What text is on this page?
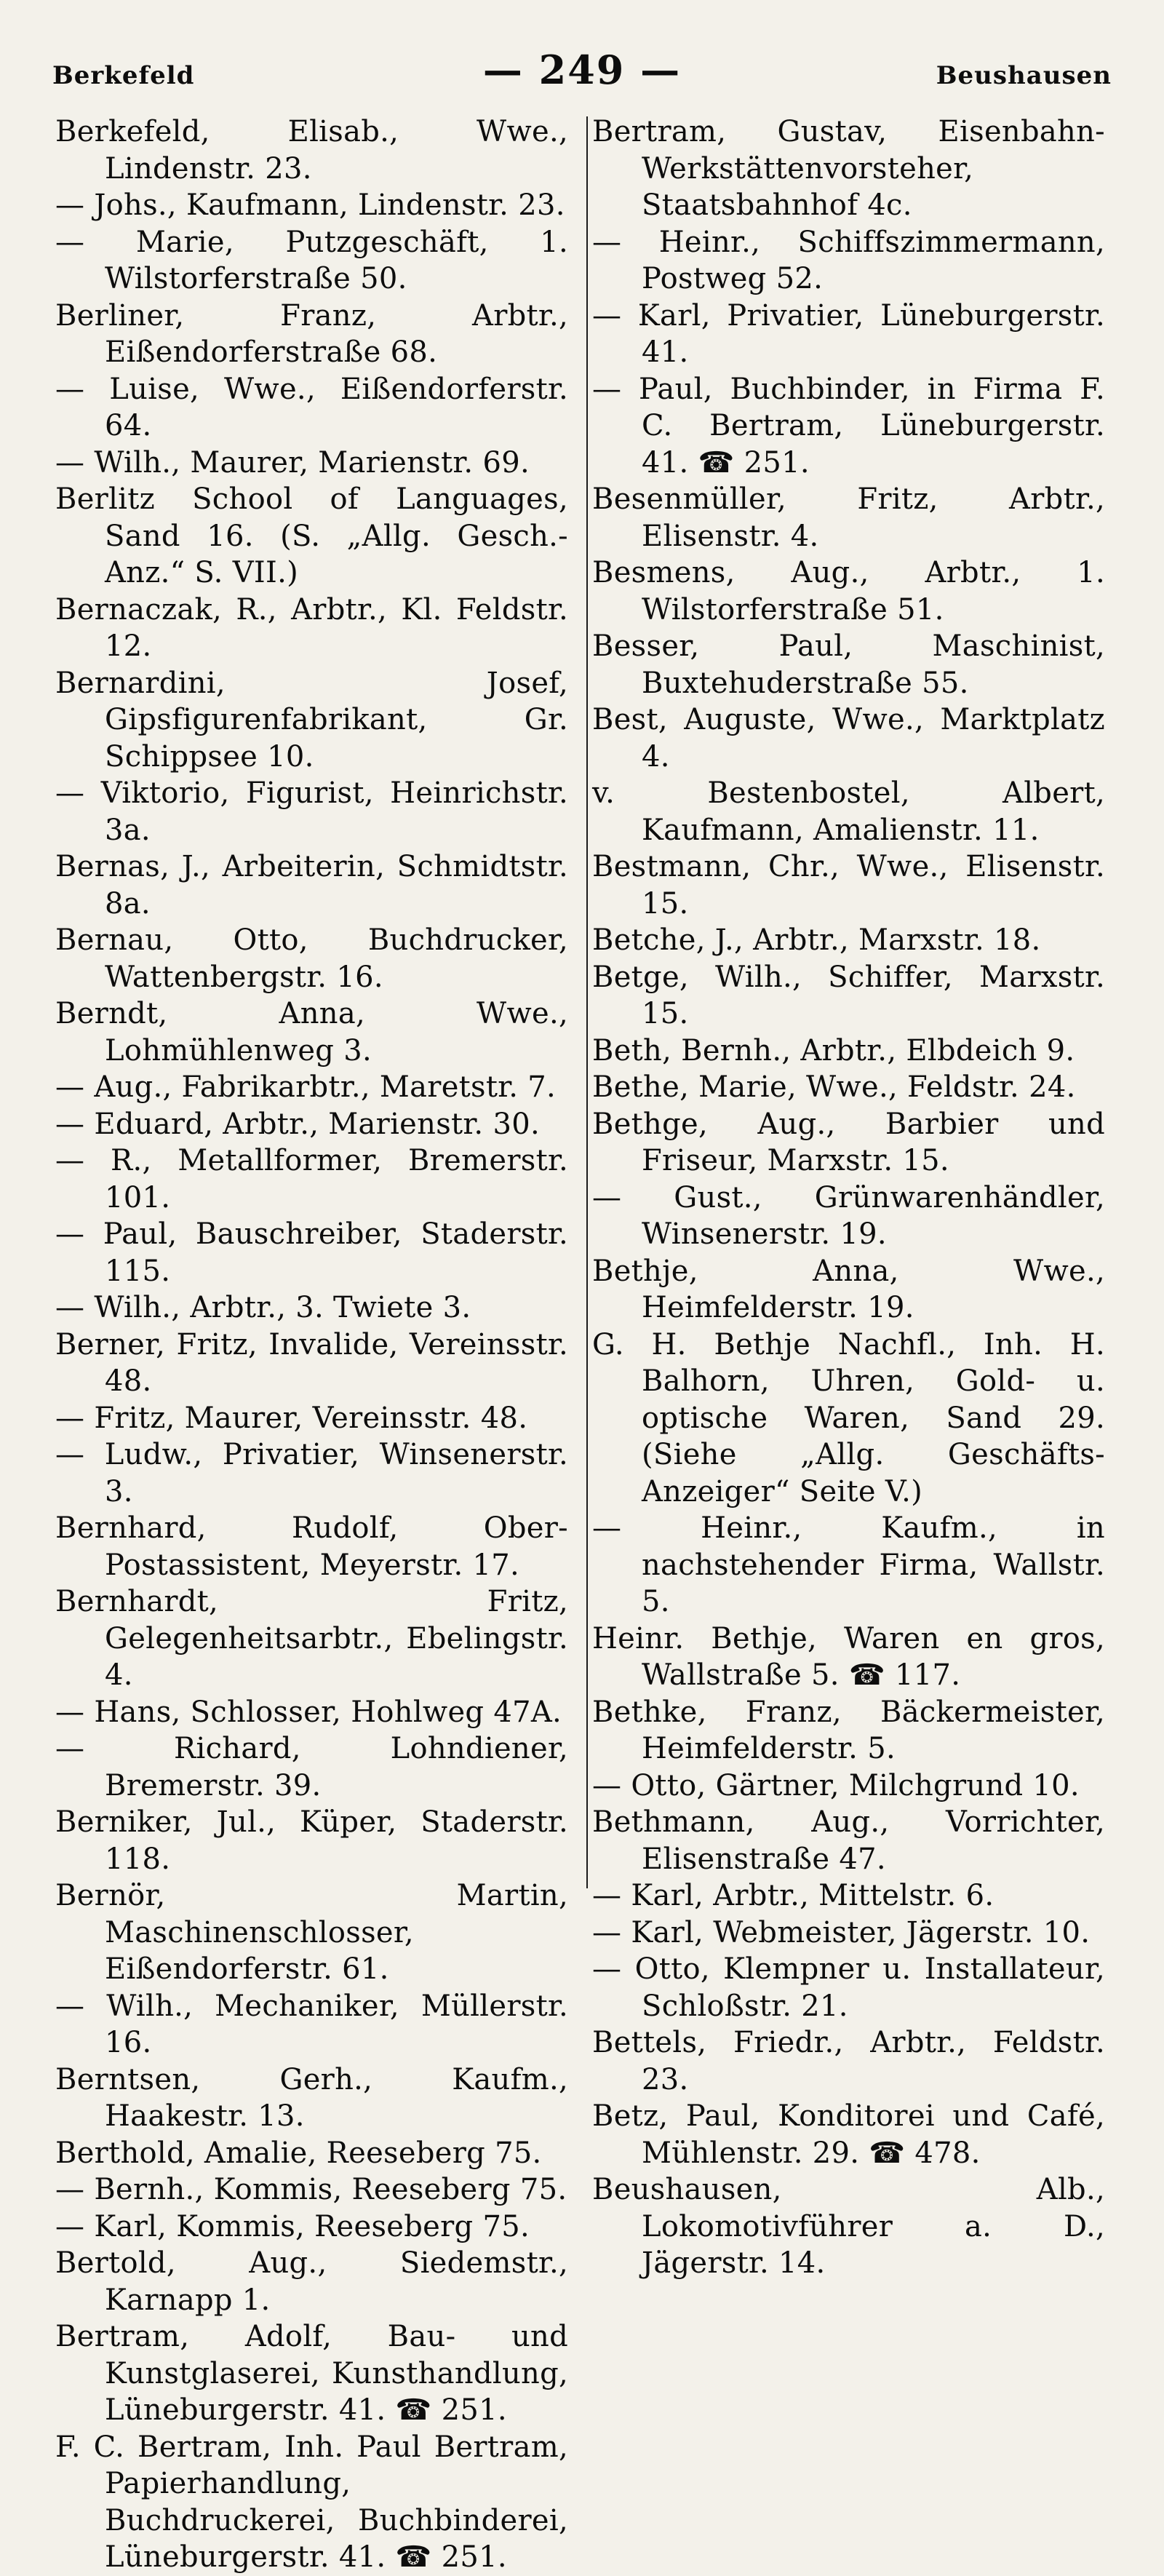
Berkefeld	— 249 —	Beushausen
Berkefeld, Elisab., Wwe., Lindenstr. 23.
— Johs., Kaufmann, Lindenstr. 23.
— Marie, Putzgeschäft, 1. Wilstorferstraße 50.
Berliner, Franz, Arbtr., Eißendorferstraße 68.
— Luise, Wwe., Eißendorferstr. 64.
— Wilh., Maurer, Marienstr. 69.
Berlitz School of Languages, Sand 16. (S. „Allg. Gesch.-Anz.“ S. VII.)
Bernaczak, R., Arbtr., Kl. Feldstr. 12.
Bernardini, Josef, Gipsfigurenfabrikant, Gr. Schippsee 10.
— Viktorio, Figurist, Heinrichstr. 3a.
Bernas, J., Arbeiterin, Schmidtstr. 8a.
Bernau, Otto, Buchdrucker, Wattenbergstr. 16.
Berndt, Anna, Wwe., Lohmühlenweg 3.
— Aug., Fabrikarbtr., Maretstr. 7.
— Eduard, Arbtr., Marienstr. 30.
— R., Metallformer, Bremerstr. 101.
— Paul, Bauschreiber, Staderstr. 115.
— Wilh., Arbtr., 3. Twiete 3.
Berner, Fritz, Invalide, Vereinsstr. 48.
— Fritz, Maurer, Vereinsstr. 48.
— Ludw., Privatier, Winsenerstr. 3.
Bernhard, Rudolf, Ober-Postassistent, Meyerstr. 17.
Bernhardt, Fritz, Gelegenheitsarbtr., Ebelingstr. 4.
— Hans, Schlosser, Hohlweg 47A.
— Richard, Lohndiener, Bremerstr. 39.
Berniker, Jul., Küper, Staderstr. 118.
Bernör, Martin, Maschinenschlosser, Eißendorferstr. 61.
— Wilh., Mechaniker, Müllerstr. 16.
Berntsen, Gerh., Kaufm., Haakestr. 13.
Berthold, Amalie, Reeseberg 75.
— Bernh., Kommis, Reeseberg 75.
— Karl, Kommis, Reeseberg 75.
Bertold, Aug., Siedemstr., Karnapp 1.
Bertram, Adolf, Bau- und Kunstglaserei, Kunsthandlung, Lüneburgerstr. 41. ☎ 251.
F. C. Bertram, Inh. Paul Bertram, Papierhandlung, Buchdruckerei, Buchbinderei, Lüneburgerstr. 41. ☎ 251.
Bertram, Gustav, Eisenbahn-Werkstättenvorsteher, Staatsbahnhof 4c.
— Heinr., Schiffszimmermann, Postweg 52.
— Karl, Privatier, Lüneburgerstr. 41.
— Paul, Buchbinder, in Firma F. C. Bertram, Lüneburgerstr. 41. ☎ 251.
Besenmüller, Fritz, Arbtr., Elisenstr. 4.
Besmens, Aug., Arbtr., 1. Wilstorferstraße 51.
Besser, Paul, Maschinist, Buxtehuderstraße 55.
Best, Auguste, Wwe., Marktplatz 4.
v. Bestenbostel, Albert, Kaufmann, Amalienstr. 11.
Bestmann, Chr., Wwe., Elisenstr. 15.
Betche, J., Arbtr., Marxstr. 18.
Betge, Wilh., Schiffer, Marxstr. 15.
Beth, Bernh., Arbtr., Elbdeich 9.
Bethe, Marie, Wwe., Feldstr. 24.
Bethge, Aug., Barbier und Friseur, Marxstr. 15.
— Gust., Grünwarenhändler, Winsenerstr. 19.
Bethje, Anna, Wwe., Heimfelderstr. 19.
G. H. Bethje Nachfl., Inh. H. Balhorn, Uhren, Gold- u. optische Waren, Sand 29. (Siehe „Allg. Geschäfts-Anzeiger“ Seite V.)
— Heinr., Kaufm., in nachstehender Firma, Wallstr. 5.
Heinr. Bethje, Waren en gros, Wallstraße 5. ☎ 117.
Bethke, Franz, Bäckermeister, Heimfelderstr. 5.
— Otto, Gärtner, Milchgrund 10.
Bethmann, Aug., Vorrichter, Elisenstraße 47.
— Karl, Arbtr., Mittelstr. 6.
— Karl, Webmeister, Jägerstr. 10.
— Otto, Klempner u. Installateur, Schloßstr. 21.
Bettels, Friedr., Arbtr., Feldstr. 23.
Betz, Paul, Konditorei und Café, Mühlenstr. 29. ☎ 478.
Beushausen, Alb., Lokomotivführer a. D., Jägerstr. 14.
